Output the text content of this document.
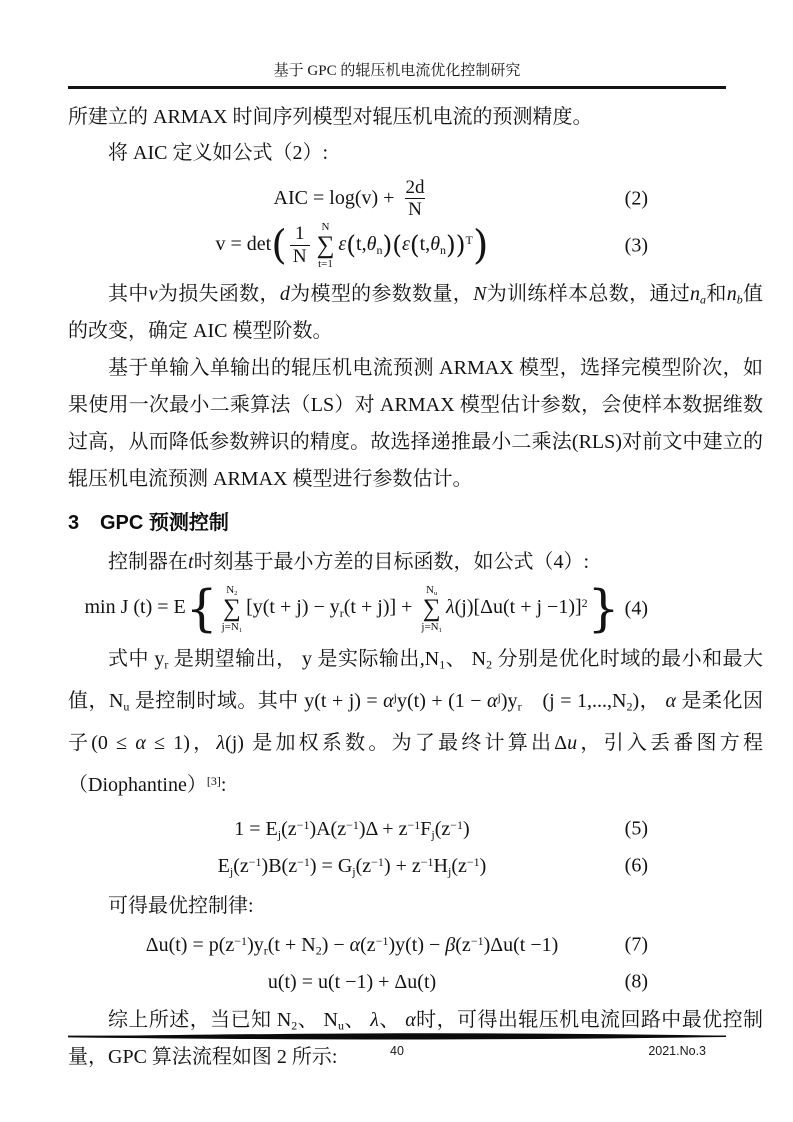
基于 GPC 的辊压机电流优化控制研究

所建立的 ARMAX 时间序列模型对辊压机电流的预测精度。

将 AIC 定义如公式（2）:

AIC = $\log(v) + \frac{2d}{N}$	(2)
$v = \det( \frac{1}{N}$ N
∑
t=1
$\varepsilon(t,\theta_n)(\varepsilon(t,\theta_n))^T$)	(3)

其中v为损失函数，d为模型的参数数量，N为训练样本总数，通过$n_a$和$n_b$值的改变，确定 AIC 模型阶数。

基于单输入单输出的辊压机电流预测 ARMAX 模型，选择完模型阶次，如果使用一次最小二乘算法（LS）对 ARMAX 模型估计参数，会使样本数据维数过高，从而降低参数辨识的精度。故选择递推最小二乘法(RLS)对前文中建立的辊压机电流预测 ARMAX 模型进行参数估计。

3	GPC 预测控制

控制器在t时刻基于最小方差的目标函数，如公式（4）:

min J (t) = E{ $N_2$
∑
$j=N_1$
$[y(t + j) - y_r(t + j)]$ +
$N_u$
∑
$j=N_1$
$\lambda(j)[\Delta u(t + j -1)]^2$} (4)

式中 $y_r$ 是期望输出， y 是实际输出$,N_1$、 $N_2$ 分别是优化时域的最小和最大值，$N_u$ 是控制时域。其中 $y(t + j) = \alpha^jy(t) + (1 - \alpha^j)y_r$　$(j = 1,...,N_2)$， α 是柔化因子(0 ≤ α ≤ 1)，λ(j) 是加权系数。为了最终计算出Δu，引入丢番图方程（Diophantine）[3]:

$1 = E_j(z^{-1})A(z^{-1})\Delta + z^{-1}F_j(z^{-1})$	(5)
$E_j(z^{-1})B(z^{-1}) = G_j(z^{-1}) + z^{-1}H_j(z^{-1})$	(6)

可得最优控制律:

$\Delta u(t) = p(z^{-1})y_r(t + N_2) - \alpha(z^{-1})y(t) - \beta(z^{-1})\Delta u(t -1)$	(7)
u(t) = u(t −1) + Δu(t)	(8)

综上所述，当已知 $N_2$、 $N_u$、 λ、 α时，可得出辊压机电流回路中最优控制量，GPC 算法流程如图 2 所示:	40	2021.No.3
